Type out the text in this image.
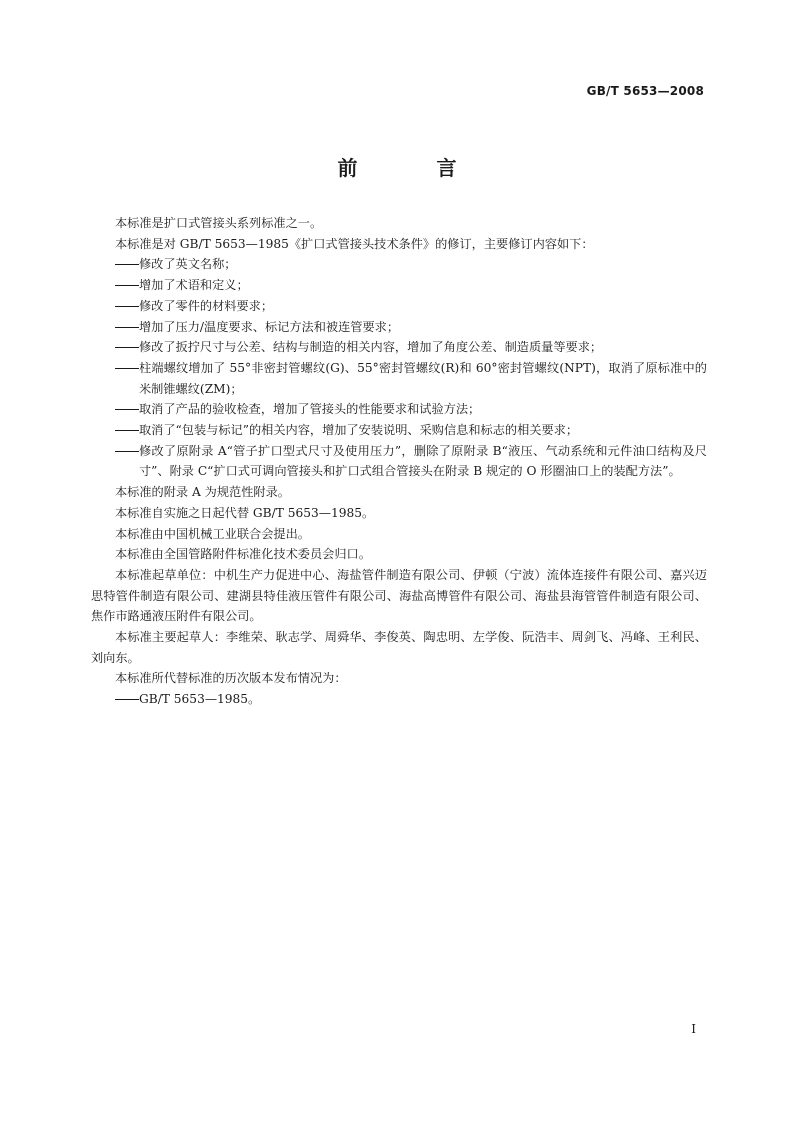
GB/T 5653—2008
前 言
本标准是扩口式管接头系列标准之一。
本标准是对 GB/T 5653—1985《扩口式管接头技术条件》的修订，主要修订内容如下：
修改了英文名称；
增加了术语和定义；
修改了零件的材料要求；
增加了压力/温度要求、标记方法和被连管要求；
修改了扳拧尺寸与公差、结构与制造的相关内容，增加了角度公差、制造质量等要求；
柱端螺纹增加了 55°非密封管螺纹(G)、55°密封管螺纹(R)和 60°密封管螺纹(NPT)，取消了原标准中的米制锥螺纹(ZM)；
取消了产品的验收检查，增加了管接头的性能要求和试验方法；
取消了“包装与标记”的相关内容，增加了安装说明、采购信息和标志的相关要求；
修改了原附录 A“管子扩口型式尺寸及使用压力”，删除了原附录 B“液压、气动系统和元件油口结构及尺寸”、附录 C“扩口式可调向管接头和扩口式组合管接头在附录 B 规定的 O 形圈油口上的装配方法”。
本标准的附录 A 为规范性附录。
本标准自实施之日起代替 GB/T 5653—1985。
本标准由中国机械工业联合会提出。
本标准由全国管路附件标准化技术委员会归口。
本标准起草单位：中机生产力促进中心、海盐管件制造有限公司、伊顿（宁波）流体连接件有限公司、嘉兴迈思特管件制造有限公司、建湖县特佳液压管件有限公司、海盐高博管件有限公司、海盐县海管管件制造有限公司、焦作市路通液压附件有限公司。
本标准主要起草人：李维荣、耿志学、周舜华、李俊英、陶忠明、左学俊、阮浩丰、周剑飞、冯峰、王利民、刘向东。
本标准所代替标准的历次版本发布情况为：
GB/T 5653—1985。
I
